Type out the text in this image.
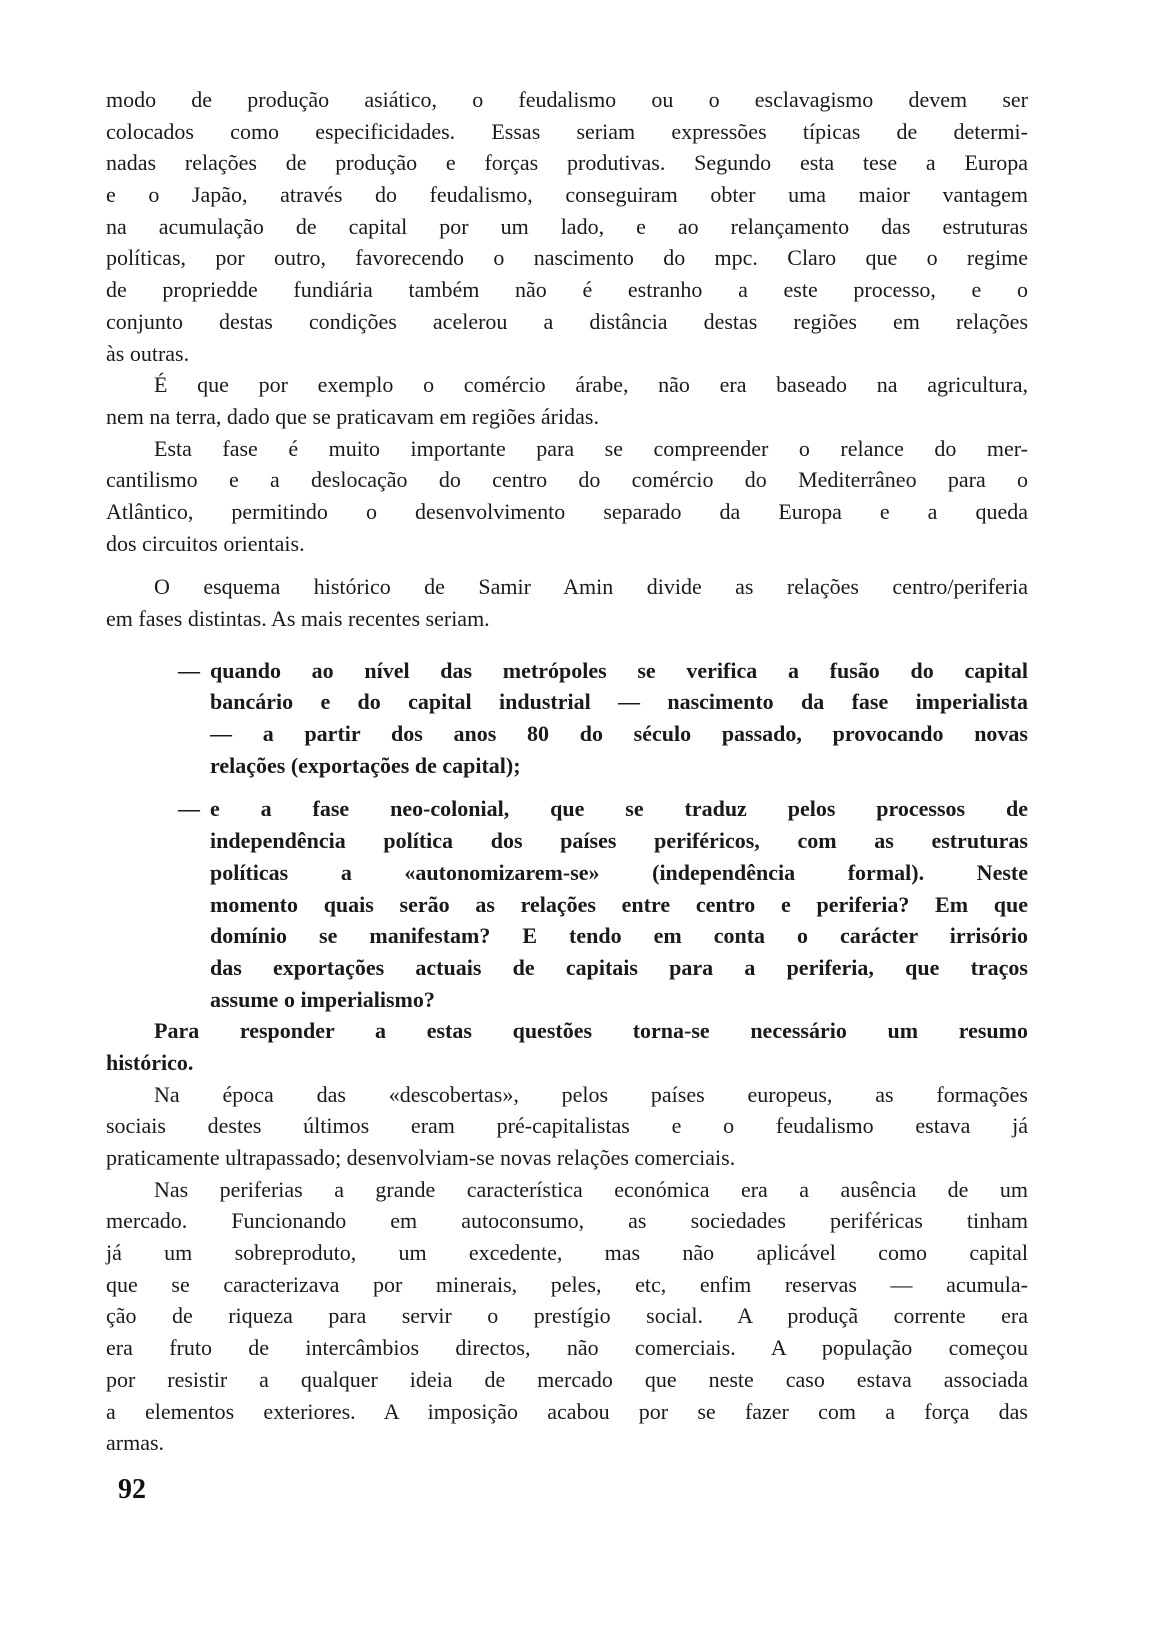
modo de produção asiático, o feudalismo ou o esclavagismo devem ser
colocados como especificidades. Essas seriam expressões típicas de determi-
nadas relações de produção e forças produtivas. Segundo esta tese a Europa
e o Japão, através do feudalismo, conseguiram obter uma maior vantagem
na acumulação de capital por um lado, e ao relançamento das estruturas
políticas, por outro, favorecendo o nascimento do mpc. Claro que o regime
de propriedde fundiária também não é estranho a este processo, e o
conjunto destas condições acelerou a distância destas regiões em relações
às outras.
É que por exemplo o comércio árabe, não era baseado na agricultura,
nem na terra, dado que se praticavam em regiões áridas.
Esta fase é muito importante para se compreender o relance do mer-
cantilismo e a deslocação do centro do comércio do Mediterrâneo para o
Atlântico, permitindo o desenvolvimento separado da Europa e a queda
dos circuitos orientais.
O esquema histórico de Samir Amin divide as relações centro/periferia
em fases distintas. As mais recentes seriam.
— quando ao nível das metrópoles se verifica a fusão do capital
bancário e do capital industrial — nascimento da fase imperialista
— a partir dos anos 80 do século passado, provocando novas
relações (exportações de capital);
— e a fase neo-colonial, que se traduz pelos processos de
independência política dos países periféricos, com as estruturas
políticas a «autonomizarem-se» (independência formal). Neste
momento quais serão as relações entre centro e periferia? Em que
domínio se manifestam? E tendo em conta o carácter irrisório
das exportações actuais de capitais para a periferia, que traços
assume o imperialismo?
Para responder a estas questões torna-se necessário um resumo
histórico.
Na época das «descobertas», pelos países europeus, as formações
sociais destes últimos eram pré-capitalistas e o feudalismo estava já
praticamente ultrapassado; desenvolviam-se novas relações comerciais.
Nas periferias a grande característica económica era a ausência de um
mercado. Funcionando em autoconsumo, as sociedades periféricas tinham
já um sobreproduto, um excedente, mas não aplicável como capital
que se caracterizava por minerais, peles, etc, enfim reservas — acumula-
ção de riqueza para servir o prestígio social. A produçã corrente era
era fruto de intercâmbios directos, não comerciais. A população começou
por resistir a qualquer ideia de mercado que neste caso estava associada
a elementos exteriores. A imposição acabou por se fazer com a força das
armas.
92
